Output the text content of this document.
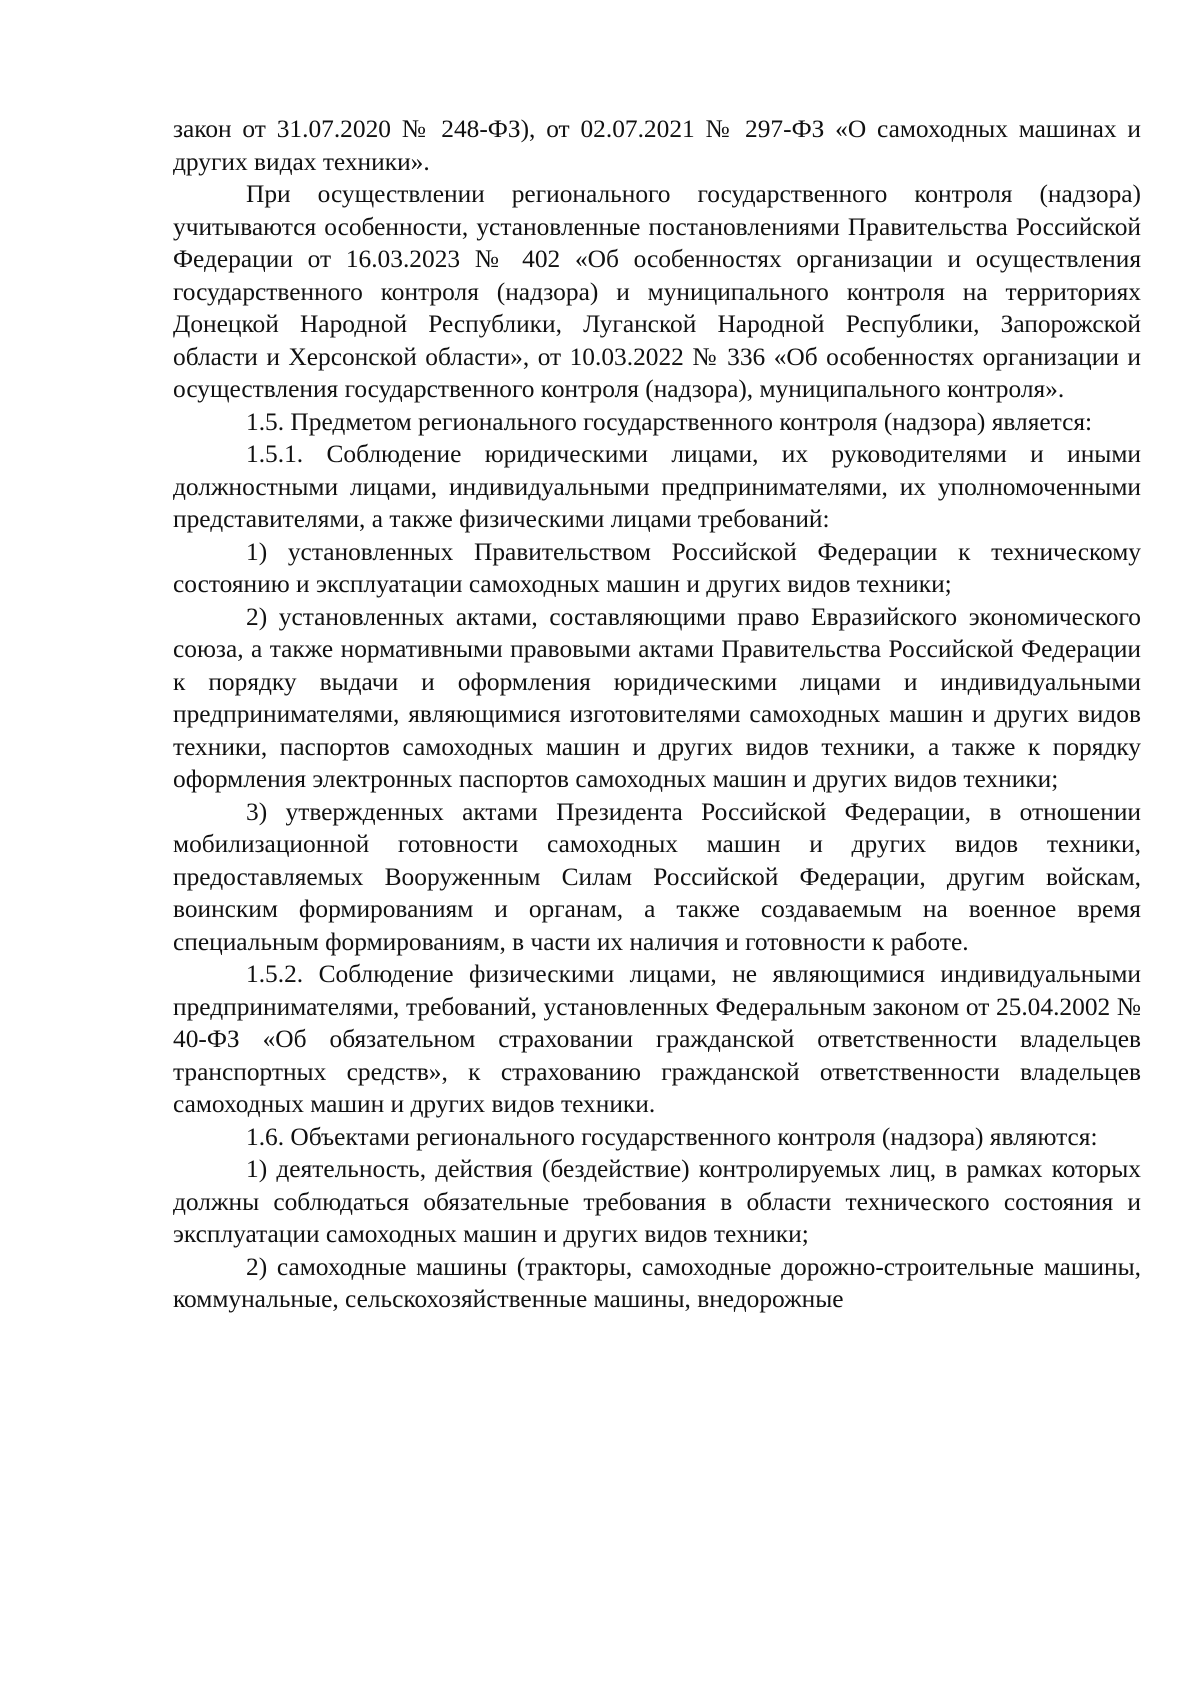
закон от 31.07.2020 № 248-ФЗ), от 02.07.2021 № 297-ФЗ «О самоходных машинах и других видах техники».

При осуществлении регионального государственного контроля (надзора) учитываются особенности, установленные постановлениями Правительства Российской Федерации от 16.03.2023 № 402 «Об особенностях организации и осуществления государственного контроля (надзора) и муниципального контроля на территориях Донецкой Народной Республики, Луганской Народной Республики, Запорожской области и Херсонской области», от 10.03.2022 № 336 «Об особенностях организации и осуществления государственного контроля (надзора), муниципального контроля».

1.5. Предметом регионального государственного контроля (надзора) является:

1.5.1. Соблюдение юридическими лицами, их руководителями и иными должностными лицами, индивидуальными предпринимателями, их уполномоченными представителями, а также физическими лицами требований:

1) установленных Правительством Российской Федерации к техническому состоянию и эксплуатации самоходных машин и других видов техники;

2) установленных актами, составляющими право Евразийского экономического союза, а также нормативными правовыми актами Правительства Российской Федерации к порядку выдачи и оформления юридическими лицами и индивидуальными предпринимателями, являющимися изготовителями самоходных машин и других видов техники, паспортов самоходных машин и других видов техники, а также к порядку оформления электронных паспортов самоходных машин и других видов техники;

3) утвержденных актами Президента Российской Федерации, в отношении мобилизационной готовности самоходных машин и других видов техники, предоставляемых Вооруженным Силам Российской Федерации, другим войскам, воинским формированиям и органам, а также создаваемым на военное время специальным формированиям, в части их наличия и готовности к работе.

1.5.2. Соблюдение физическими лицами, не являющимися индивидуальными предпринимателями, требований, установленных Федеральным законом от 25.04.2002 № 40-ФЗ «Об обязательном страховании гражданской ответственности владельцев транспортных средств», к страхованию гражданской ответственности владельцев самоходных машин и других видов техники.

1.6. Объектами регионального государственного контроля (надзора) являются:

1) деятельность, действия (бездействие) контролируемых лиц, в рамках которых должны соблюдаться обязательные требования в области технического состояния и эксплуатации самоходных машин и других видов техники;

2) самоходные машины (тракторы, самоходные дорожно-строительные машины, коммунальные, сельскохозяйственные машины, внедорожные
